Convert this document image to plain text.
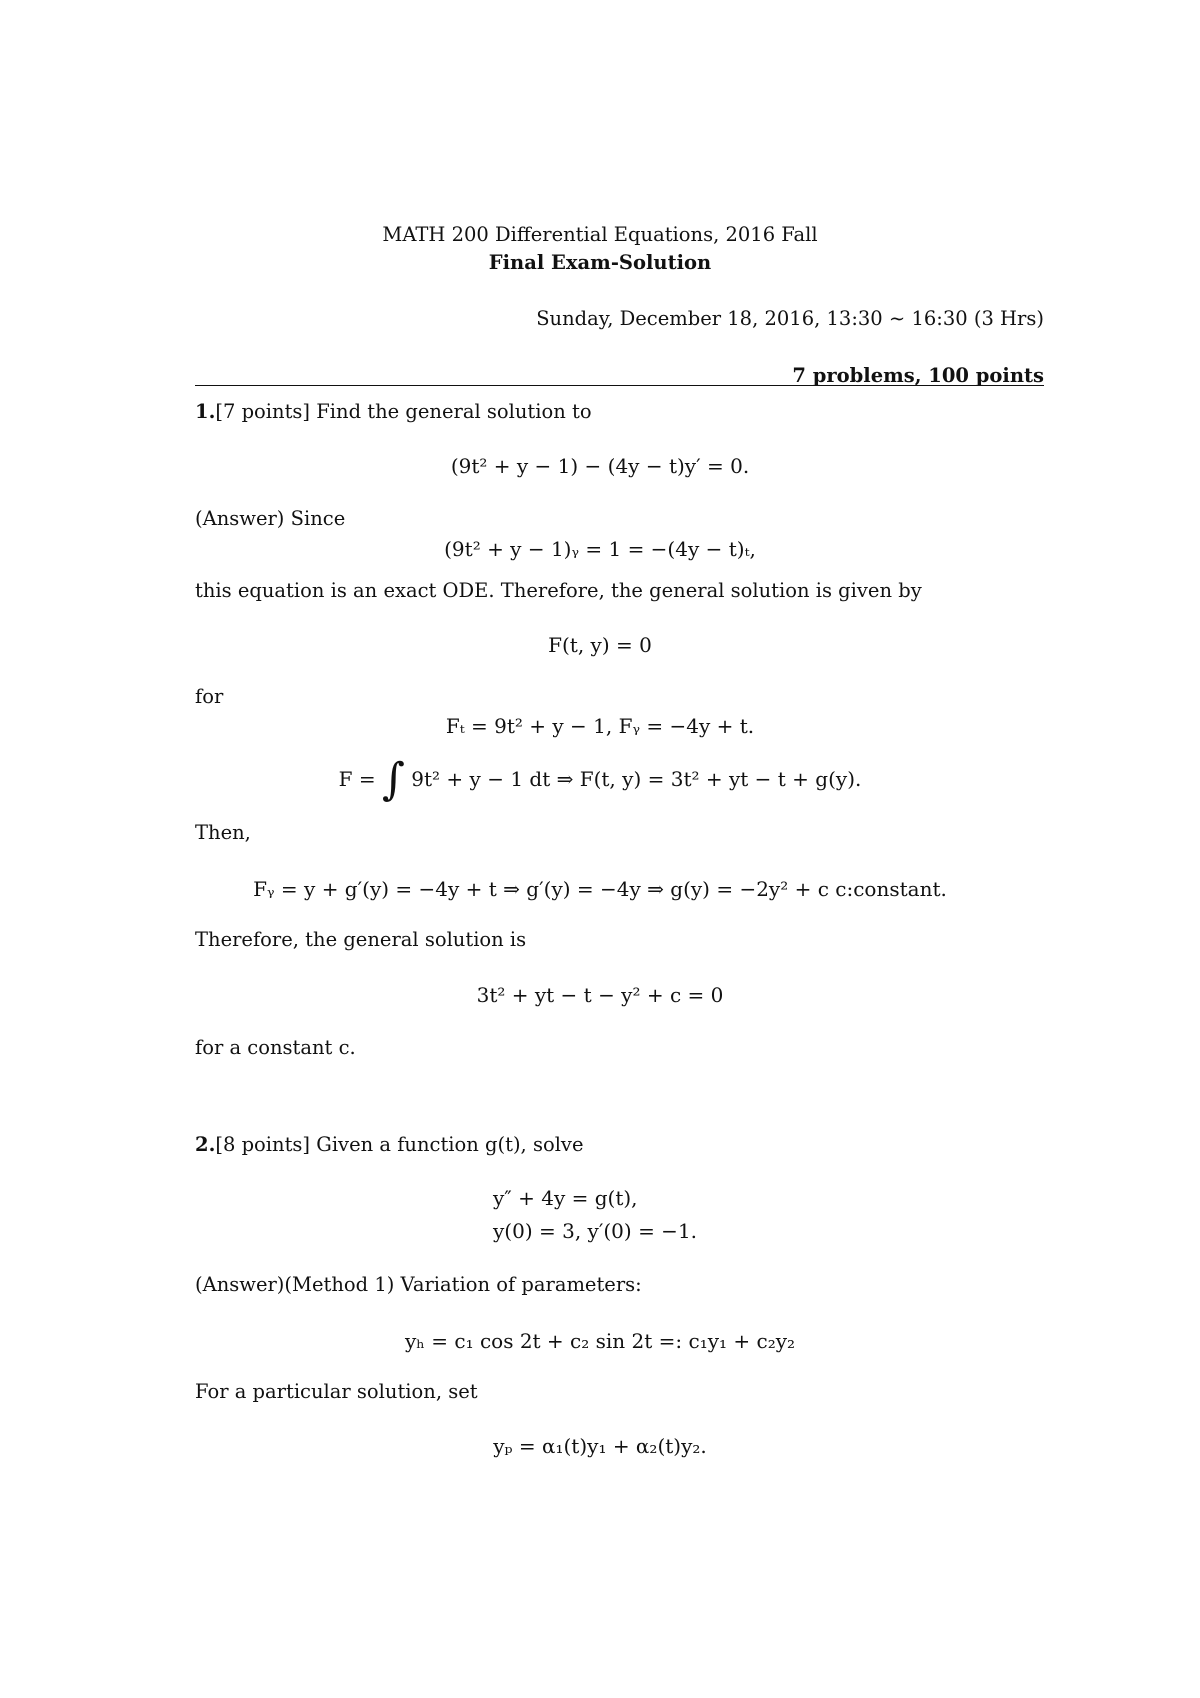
MATH 200 Differential Equations, 2016 Fall
Final Exam-Solution
Sunday, December 18, 2016, 13:30 ∼ 16:30 (3 Hrs)
7 problems, 100 points
1.[7 points] Find the general solution to
(9t² + y − 1) − (4y − t)y′ = 0.
(Answer) Since
(9t² + y − 1)ᵧ = 1 = −(4y − t)ₜ,
this equation is an exact ODE. Therefore, the general solution is given by
F(t, y) = 0
for
Fₜ = 9t² + y − 1, Fᵧ = −4y + t.
F = ∫ 9t² + y − 1 dt ⇒ F(t, y) = 3t² + yt − t + g(y).
Then,
Fᵧ = y + g′(y) = −4y + t ⇒ g′(y) = −4y ⇒ g(y) = −2y² + c c:constant.
Therefore, the general solution is
3t² + yt − t − y² + c = 0
for a constant c.
2.[8 points] Given a function g(t), solve
y″ + 4y = g(t),
y(0) = 3, y′(0) = −1.
(Answer)(Method 1) Variation of parameters:
yₕ = c₁ cos 2t + c₂ sin 2t =: c₁y₁ + c₂y₂
For a particular solution, set
yₚ = α₁(t)y₁ + α₂(t)y₂.
